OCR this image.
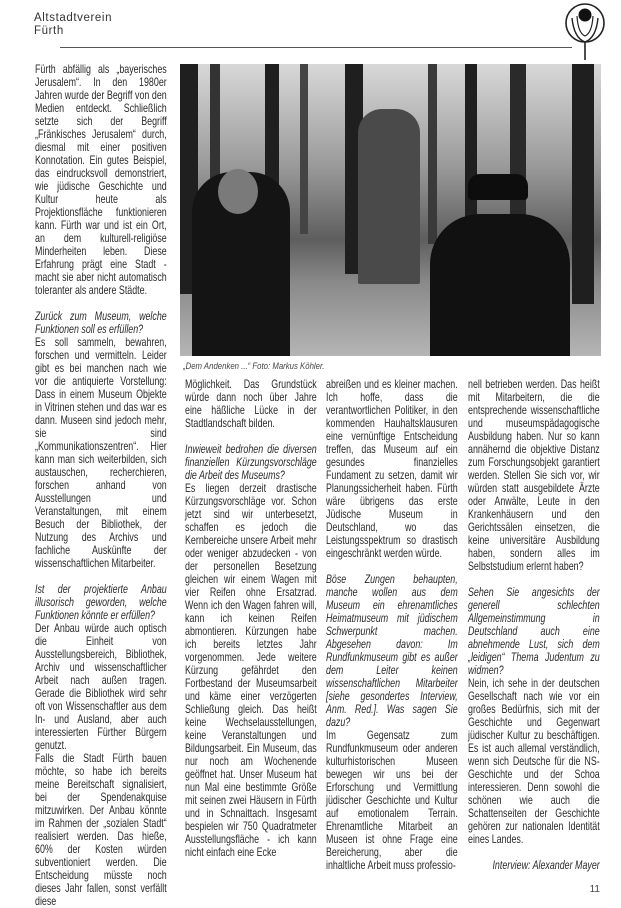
Altstadtverein
Fürth
„Dem Andenken ...“ Foto: Markus Köhler.

Fürth abfällig als „bayerisches Jerusalem“. In den 1980er Jahren wurde der Begriff von den Medien entdeckt. Schließlich setzte sich der Begriff „Fränkisches Jerusalem“ durch, diesmal mit einer positiven Konnotation. Ein gutes Beispiel, das eindrucksvoll demonstriert, wie jüdische Geschichte und Kultur heute als Projektionsfläche funktionieren kann. Fürth war und ist ein Ort, an dem kulturell-religiöse Minderheiten leben. Diese Erfahrung prägt eine Stadt - macht sie aber nicht automatisch toleranter als andere Städte.

Zurück zum Museum, welche Funktionen soll es erfüllen?

Es soll sammeln, bewahren, forschen und vermitteln. Leider gibt es bei manchen nach wie vor die antiquierte Vorstellung: Dass in einem Museum Objekte in Vitrinen stehen und das war es dann. Museen sind jedoch mehr, sie sind „Kommunikationszentren“. Hier kann man sich weiterbilden, sich austauschen, recherchieren, forschen anhand von Ausstellungen und Veranstaltungen, mit einem Besuch der Bibliothek, der Nutzung des Archivs und fachliche Auskünfte der wissenschaftlichen Mitarbeiter.

Ist der projektierte Anbau illusorisch geworden, welche Funktionen könnte er erfüllen?

Der Anbau würde auch optisch die Einheit von Ausstellungsbereich, Bibliothek, Archiv und wissenschaftlicher Arbeit nach außen tragen. Gerade die Bibliothek wird sehr oft von Wissenschaftler aus dem In- und Ausland, aber auch interessierten Fürther Bürgern genutzt.

Falls die Stadt Fürth bauen möchte, so habe ich bereits meine Bereitschaft signalisiert, bei der Spendenakquise mitzuwirken. Der Anbau könnte im Rahmen der „sozialen Stadt“ realisiert werden. Das hieße, 60% der Kosten würden subventioniert werden. Die Entscheidung müsste noch dieses Jahr fallen, sonst verfällt diese

Möglichkeit. Das Grundstück würde dann noch über Jahre eine häßliche Lücke in der Stadtlandschaft bilden.

Inwieweit bedrohen die diversen finanziellen Kürzungsvorschläge die Arbeit des Museums?

Es liegen derzeit drastische Kürzungsvorschläge vor. Schon jetzt sind wir unterbesetzt, schaffen es jedoch die Kernbereiche unsere Arbeit mehr oder weniger abzudecken - von der personellen Besetzung gleichen wir einem Wagen mit vier Reifen ohne Ersatzrad. Wenn ich den Wagen fahren will, kann ich keinen Reifen abmontieren. Kürzungen habe ich bereits letztes Jahr vorgenommen. Jede weitere Kürzung gefährdet den Fortbestand der Museumsarbeit und käme einer verzögerten Schließung gleich. Das heißt keine Wechselausstellungen, keine Veranstaltungen und Bildungsarbeit. Ein Museum, das nur noch am Wochenende geöffnet hat. Unser Museum hat nun Mal eine bestimmte Größe mit seinen zwei Häusern in Fürth und in Schnaittach. Insgesamt bespielen wir 750 Quadratmeter Ausstellungsfläche - ich kann nicht einfach eine Ecke

abreißen und es kleiner machen. Ich hoffe, dass die verantwortlichen Politiker, in den kommenden Hauhaltsklausuren eine vernünftige Entscheidung treffen, das Museum auf ein gesundes finanzielles Fundament zu setzen, damit wir Planungssicherheit haben. Fürth wäre übrigens das erste Jüdische Museum in Deutschland, wo das Leistungsspektrum so drastisch eingeschränkt werden würde.

Böse Zungen behaupten, manche wollen aus dem Museum ein ehrenamtliches Heimatmuseum mit jüdischem Schwerpunkt machen. Abgesehen davon: Im Rundfunkmuseum gibt es außer dem Leiter keinen wissenschaftlichen Mitarbeiter [siehe gesondertes Interview, Anm. Red.]. Was sagen Sie dazu?

Im Gegensatz zum Rundfunkmuseum oder anderen kulturhistorischen Museen bewegen wir uns bei der Erforschung und Vermittlung jüdischer Geschichte und Kultur auf emotionalem Terrain. Ehrenamtliche Mitarbeit an Museen ist ohne Frage eine Bereicherung, aber die inhaltliche Arbeit muss professio-

nell betrieben werden. Das heißt mit Mitarbeitern, die die entsprechende wissenschaftliche und museumspädagogische Ausbildung haben. Nur so kann annähernd die objektive Distanz zum Forschungsobjekt garantiert werden. Stellen Sie sich vor, wir würden statt ausgebildete Ärzte oder Anwälte, Leute in den Krankenhäusern und den Gerichtssälen einsetzen, die keine universitäre Ausbildung haben, sondern alles im Selbststudium erlernt haben?

Sehen Sie angesichts der generell schlechten Allgemeinstimmung in Deutschland auch eine abnehmende Lust, sich dem „leidigen“ Thema Judentum zu widmen?

Nein, ich sehe in der deutschen Gesellschaft nach wie vor ein großes Bedürfnis, sich mit der Geschichte und Gegenwart jüdischer Kultur zu beschäftigen. Es ist auch allemal verständlich, wenn sich Deutsche für die NS-Geschichte und der Schoa interessieren. Denn sowohl die schönen wie auch die Schattenseiten der Geschichte gehören zur nationalen Identität eines Landes.

Interview: Alexander Mayer

11
